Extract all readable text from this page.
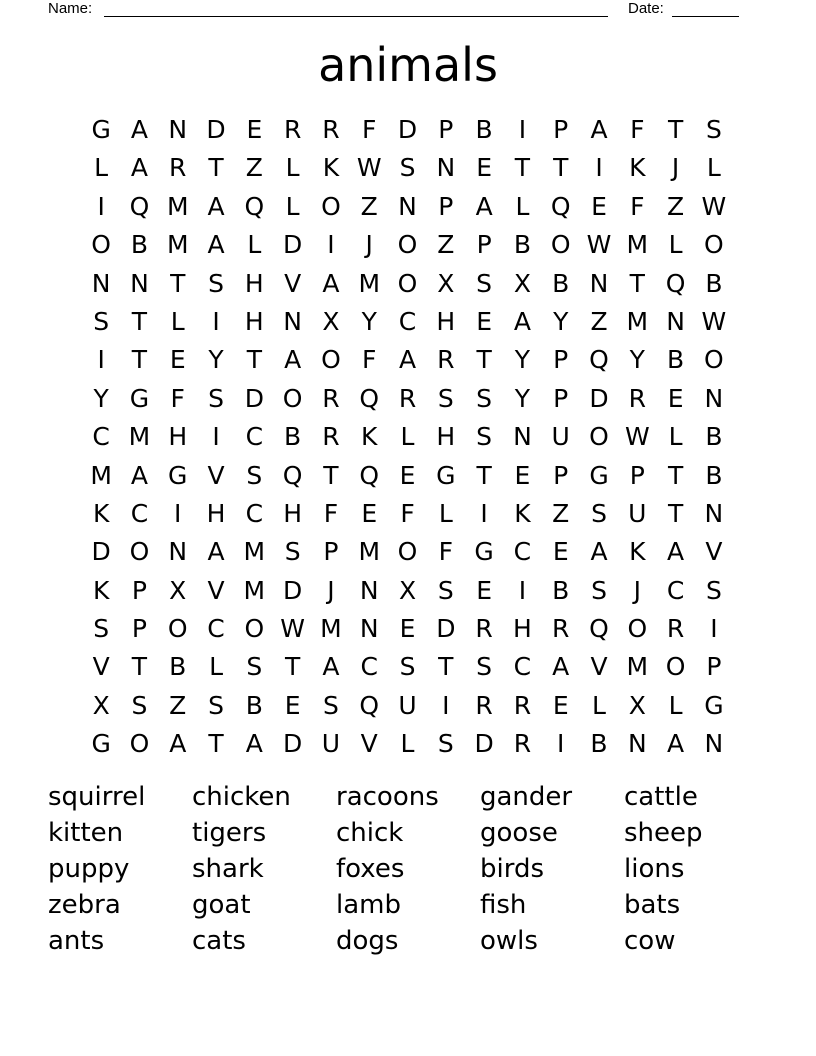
Name:	Date:
animals
G A N D E R R F D P B I P A F T S
L A R T Z L K W S N E T T I K J L
I Q M A Q L O Z N P A L Q E F Z W
O B M A L D I J O Z P B O W M L O
N N T S H V A M O X S X B N T Q B
S T L I H N X Y C H E A Y Z M N W
I T E Y T A O F A R T Y P Q Y B O
Y G F S D O R Q R S S Y P D R E N
C M H I C B R K L H S N U O W L B
M A G V S Q T Q E G T E P G P T B
K C I H C H F E F L I K Z S U T N
D O N A M S P M O F G C E A K A V
K P X V M D J N X S E I B S J C S
S P O C O W M N E D R H R Q O R I
V T B L S T A C S T S C A V M O P
X S Z S B E S Q U I R R E L X L G
G O A T A D U V L S D R I B N A N
squirrel chicken racoons gander cattle
kitten	tigers	chick	goose	sheep
puppy shark	foxes	birds	lions
zebra	goat	lamb	fish	bats
ants	cats	dogs	owls	cow
